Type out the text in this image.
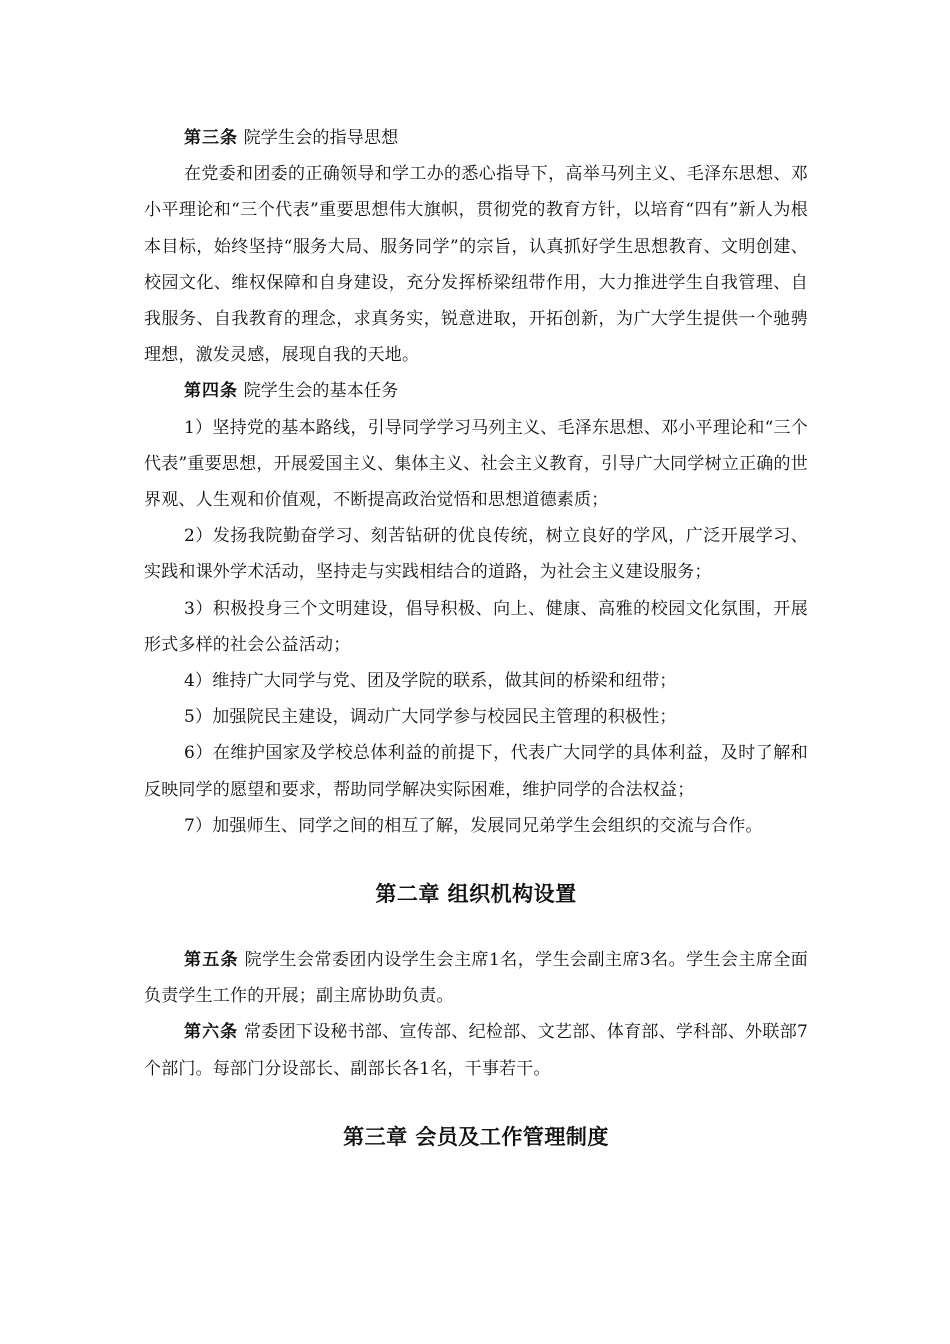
第三条 院学生会的指导思想

在党委和团委的正确领导和学工办的悉心指导下，高举马列主义、毛泽东思想、邓小平理论和“三个代表”重要思想伟大旗帜，贯彻党的教育方针，以培育“四有”新人为根本目标，始终坚持“服务大局、服务同学”的宗旨，认真抓好学生思想教育、文明创建、校园文化、维权保障和自身建设，充分发挥桥梁纽带作用，大力推进学生自我管理、自我服务、自我教育的理念，求真务实，锐意进取，开拓创新，为广大学生提供一个驰骋理想，激发灵感，展现自我的天地。

第四条 院学生会的基本任务

1）坚持党的基本路线，引导同学学习马列主义、毛泽东思想、邓小平理论和“三个代表”重要思想，开展爱国主义、集体主义、社会主义教育，引导广大同学树立正确的世界观、人生观和价值观，不断提高政治觉悟和思想道德素质；

2）发扬我院勤奋学习、刻苦钻研的优良传统，树立良好的学风，广泛开展学习、实践和课外学术活动，坚持走与实践相结合的道路，为社会主义建设服务；

3）积极投身三个文明建设，倡导积极、向上、健康、高雅的校园文化氛围，开展形式多样的社会公益活动；

4）维持广大同学与党、团及学院的联系，做其间的桥梁和纽带；

5）加强院民主建设，调动广大同学参与校园民主管理的积极性；

6）在维护国家及学校总体利益的前提下，代表广大同学的具体利益，及时了解和反映同学的愿望和要求，帮助同学解决实际困难，维护同学的合法权益；

7）加强师生、同学之间的相互了解，发展同兄弟学生会组织的交流与合作。

第二章 组织机构设置

第五条 院学生会常委团内设学生会主席1名，学生会副主席3名。学生会主席全面负责学生工作的开展；副主席协助负责。

第六条 常委团下设秘书部、宣传部、纪检部、文艺部、体育部、学科部、外联部7个部门。每部门分设部长、副部长各1名，干事若干。

第三章 会员及工作管理制度
